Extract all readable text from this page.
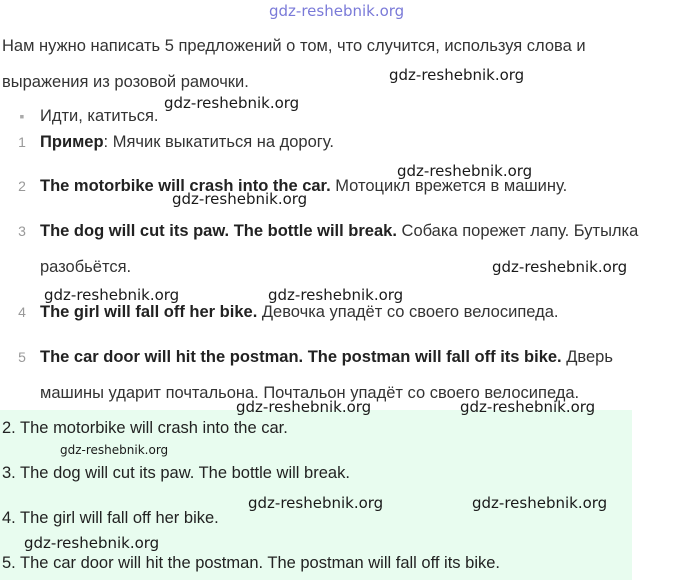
gdz-reshebnik.org
Нам нужно написать 5 предложений о том, что случится, используя слова и выражения из розовой рамочки.
▪ Идти, катиться.
1 Пример: Мячик выкатиться на дорогу.
2 The motorbike will crash into the car. Мотоцикл врежется в машину.
3 The dog will cut its paw. The bottle will break. Собака порежет лапу. Бутылка разобьётся.
4 The girl will fall off her bike. Девочка упадёт со своего велосипеда.
5 The car door will hit the postman. The postman will fall off its bike. Дверь машины ударит почтальона. Почтальон упадёт со своего велосипеда.
2. The motorbike will crash into the car.
3. The dog will cut its paw. The bottle will break.
4. The girl will fall off her bike.
5. The car door will hit the postman. The postman will fall off its bike.
gdz-reshebnik.org
gdz-reshebnik.org
gdz-reshebnik.org
gdz-reshebnik.org
gdz-reshebnik.org
gdz-reshebnik.org	gdz-reshebnik.org
gdz-reshebnik.org	gdz-reshebnik.org
gdz-reshebnik.org
gdz-reshebnik.org	gdz-reshebnik.org
gdz-reshebnik.org
